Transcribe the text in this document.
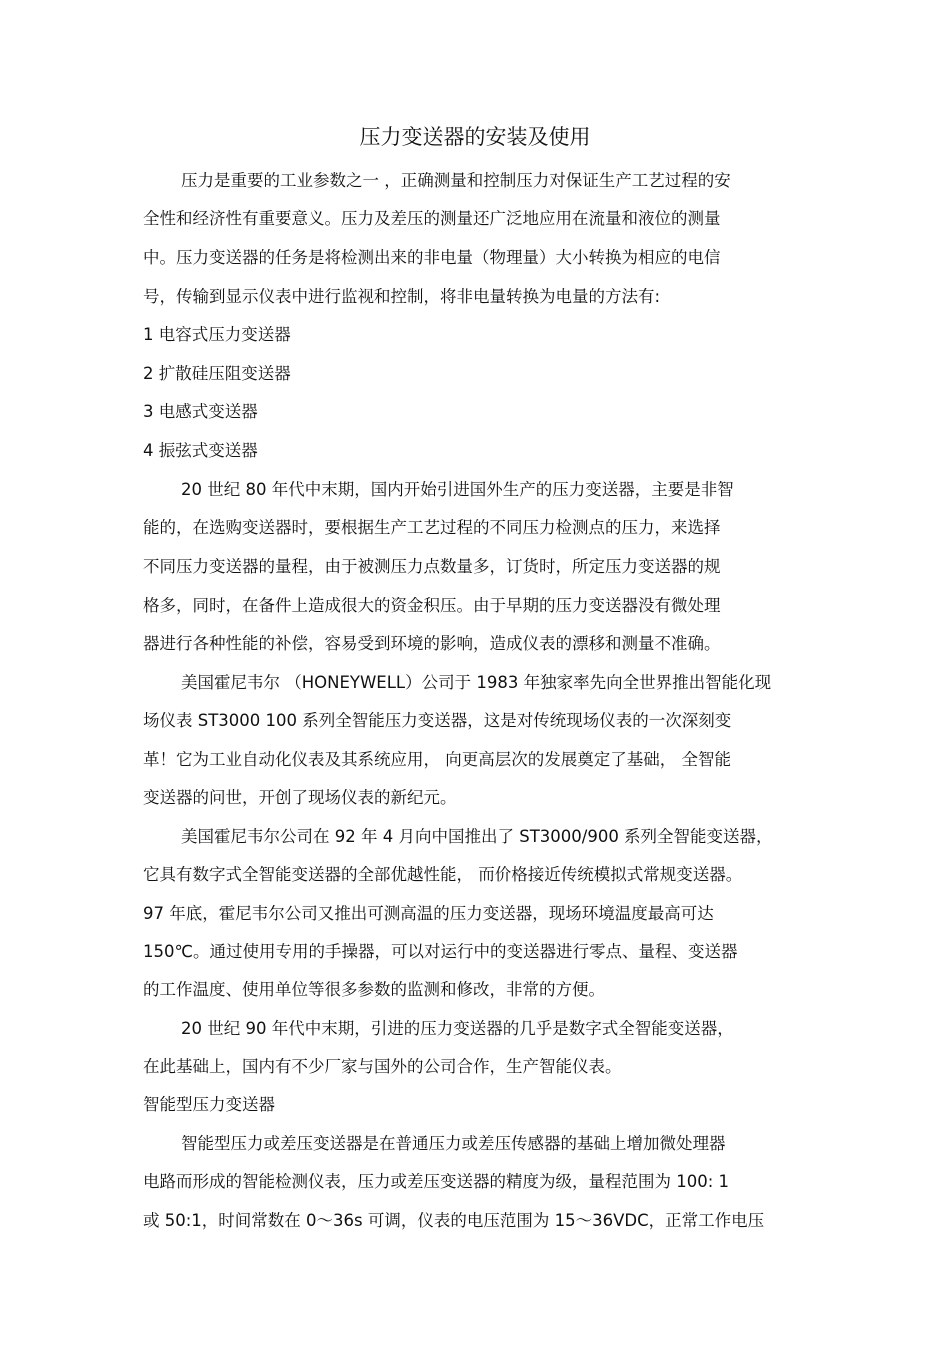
压力变送器的安装及使用
压力是重要的工业参数之一 ，正确测量和控制压力对保证生产工艺过程的安
全性和经济性有重要意义。压力及差压的测量还广泛地应用在流量和液位的测量
中。压力变送器的任务是将检测出来的非电量（物理量）大小转换为相应的电信
号，传输到显示仪表中进行监视和控制，将非电量转换为电量的方法有:
1 电容式压力变送器
2 扩散硅压阻变送器
3 电感式变送器
4 振弦式变送器
20 世纪 80 年代中末期，国内开始引进国外生产的压力变送器，主要是非智
能的，在选购变送器时，要根据生产工艺过程的不同压力检测点的压力，来选择
不同压力变送器的量程，由于被测压力点数量多，订货时，所定压力变送器的规
格多，同时，在备件上造成很大的资金积压。由于早期的压力变送器没有微处理
器进行各种性能的补偿，容易受到环境的影响，造成仪表的漂移和测量不准确。
美国霍尼韦尔 （HONEYWELL）公司于 1983 年独家率先向全世界推出智能化现
场仪表 ST3000 100 系列全智能压力变送器，这是对传统现场仪表的一次深刻变
革！它为工业自动化仪表及其系统应用， 向更高层次的发展奠定了基础， 全智能
变送器的问世，开创了现场仪表的新纪元。
美国霍尼韦尔公司在 92 年 4 月向中国推出了 ST3000/900 系列全智能变送器，
它具有数字式全智能变送器的全部优越性能， 而价格接近传统模拟式常规变送器。
97 年底，霍尼韦尔公司又推出可测高温的压力变送器，现场环境温度最高可达
150℃。通过使用专用的手操器，可以对运行中的变送器进行零点、量程、变送器
的工作温度、使用单位等很多参数的监测和修改，非常的方便。
20 世纪 90 年代中末期，引进的压力变送器的几乎是数字式全智能变送器，
在此基础上，国内有不少厂家与国外的公司合作，生产智能仪表。
智能型压力变送器
智能型压力或差压变送器是在普通压力或差压传感器的基础上增加微处理器
电路而形成的智能检测仪表，压力或差压变送器的精度为级，量程范围为 100: 1
或 50:1，时间常数在 0～36s 可调，仪表的电压范围为 15～36VDC，正常工作电压
